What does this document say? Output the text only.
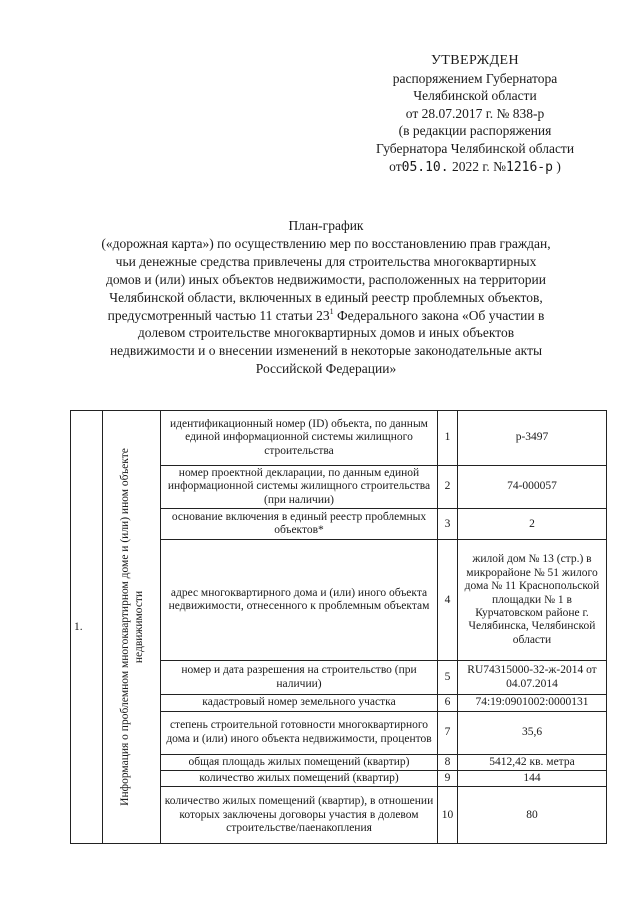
УТВЕРЖДЕН
распоряжением Губернатора
Челябинской области
от 28.07.2017 г. № 838-р
(в редакции распоряжения
Губернатора Челябинской области
от05.10. 2022 г. №1216-р )
План-график
(«дорожная карта») по осуществлению мер по восстановлению прав граждан,
чьи денежные средства привлечены для строительства многоквартирных
домов и (или) иных объектов недвижимости, расположенных на территории
Челябинской области, включенных в единый реестр проблемных объектов,
предусмотренный частью 11 статьи $23^1$ Федерального закона «Об участии в
долевом строительстве многоквартирных домов и иных объектов
недвижимости и о внесении изменений в некоторые законодательные акты
Российской Федерации»
1.	Информация о проблемном многоквартирном доме и (или) ином объекте недвижимости	идентификационный номер (ID) объекта, по данным единой информационной системы жилищного строительства	1	р-3497
		номер проектной декларации, по данным единой информационной системы жилищного строительства (при наличии)	2	74-000057
		основание включения в единый реестр проблемных объектов*	3	2
		адрес многоквартирного дома и (или) иного объекта недвижимости, отнесенного к проблемным объектам	4	жилой дом № 13 (стр.) в микрорайоне № 51 жилого дома № 11 Краснопольской площадки № 1 в Курчатовском районе г. Челябинска, Челябинской области
		номер и дата разрешения на строительство (при наличии)	5	RU74315000-32-ж-2014 от 04.07.2014
		кадастровый номер земельного участка	6	74:19:0901002:0000131
		степень строительной готовности многоквартирного дома и (или) иного объекта недвижимости, процентов	7	35,6
		общая площадь жилых помещений (квартир)	8	5412,42 кв. метра
		количество жилых помещений (квартир)	9	144
		количество жилых помещений (квартир), в отношении которых заключены договоры участия в долевом строительстве/паенакопления	10	80
